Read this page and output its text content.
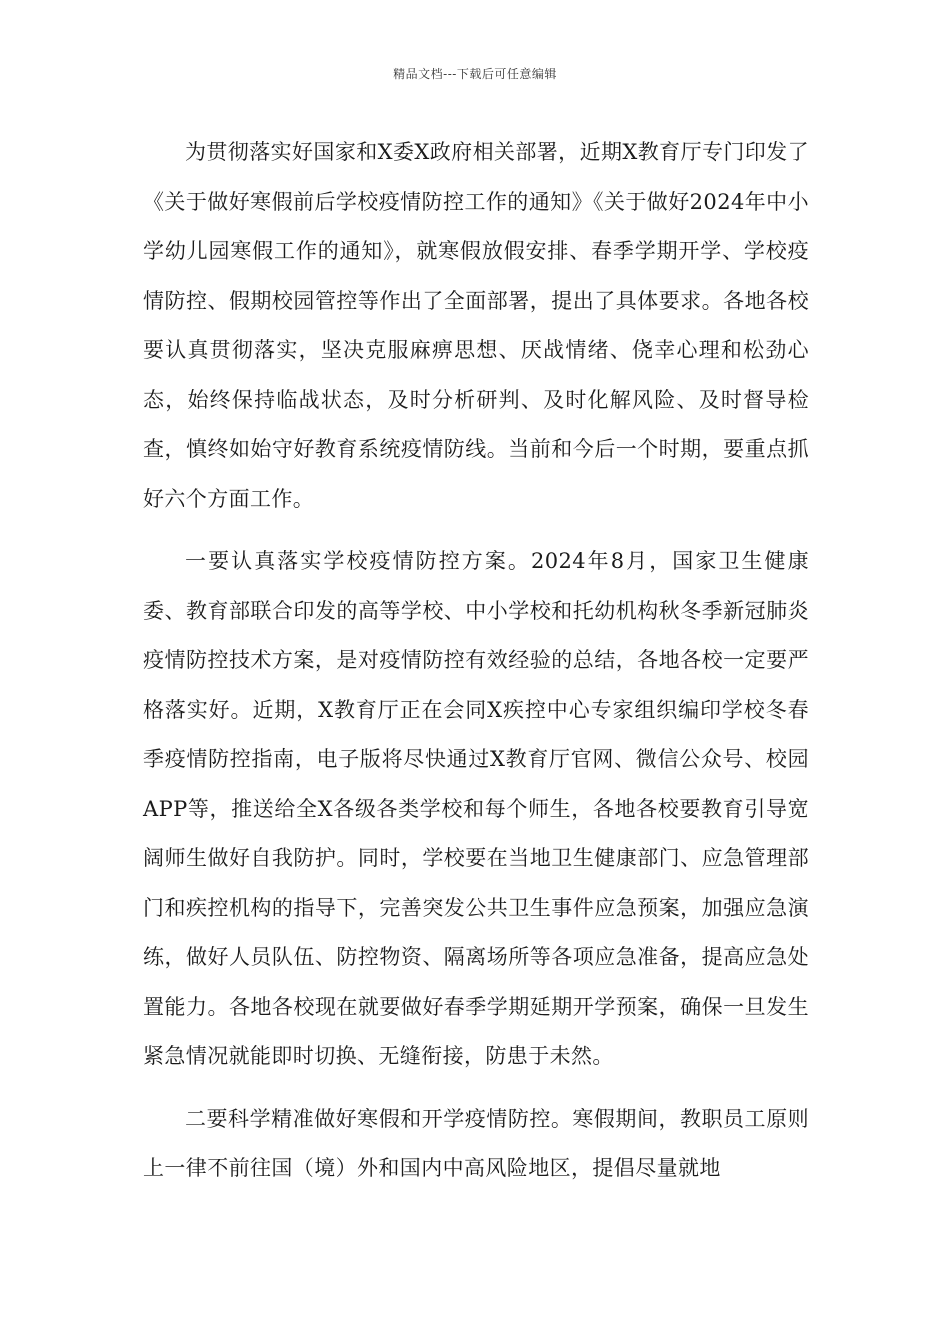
精品文档---下载后可任意编辑

为贯彻落实好国家和X委X政府相关部署，近期X教育厅专门印发了《关于做好寒假前后学校疫情防控工作的通知》《关于做好2024年中小学幼儿园寒假工作的通知》，就寒假放假安排、春季学期开学、学校疫情防控、假期校园管控等作出了全面部署，提出了具体要求。各地各校要认真贯彻落实，坚决克服麻痹思想、厌战情绪、侥幸心理和松劲心态，始终保持临战状态，及时分析研判、及时化解风险、及时督导检查，慎终如始守好教育系统疫情防线。当前和今后一个时期，要重点抓好六个方面工作。

一要认真落实学校疫情防控方案。2024年8月，国家卫生健康委、教育部联合印发的高等学校、中小学校和托幼机构秋冬季新冠肺炎疫情防控技术方案，是对疫情防控有效经验的总结，各地各校一定要严格落实好。近期，X教育厅正在会同X疾控中心专家组织编印学校冬春季疫情防控指南，电子版将尽快通过X教育厅官网、微信公众号、校园APP等，推送给全X各级各类学校和每个师生，各地各校要教育引导宽阔师生做好自我防护。同时，学校要在当地卫生健康部门、应急管理部门和疾控机构的指导下，完善突发公共卫生事件应急预案，加强应急演练，做好人员队伍、防控物资、隔离场所等各项应急准备，提高应急处置能力。各地各校现在就要做好春季学期延期开学预案，确保一旦发生紧急情况就能即时切换、无缝衔接，防患于未然。

二要科学精准做好寒假和开学疫情防控。寒假期间，教职员工原则上一律不前往国（境）外和国内中高风险地区，提倡尽量就地
